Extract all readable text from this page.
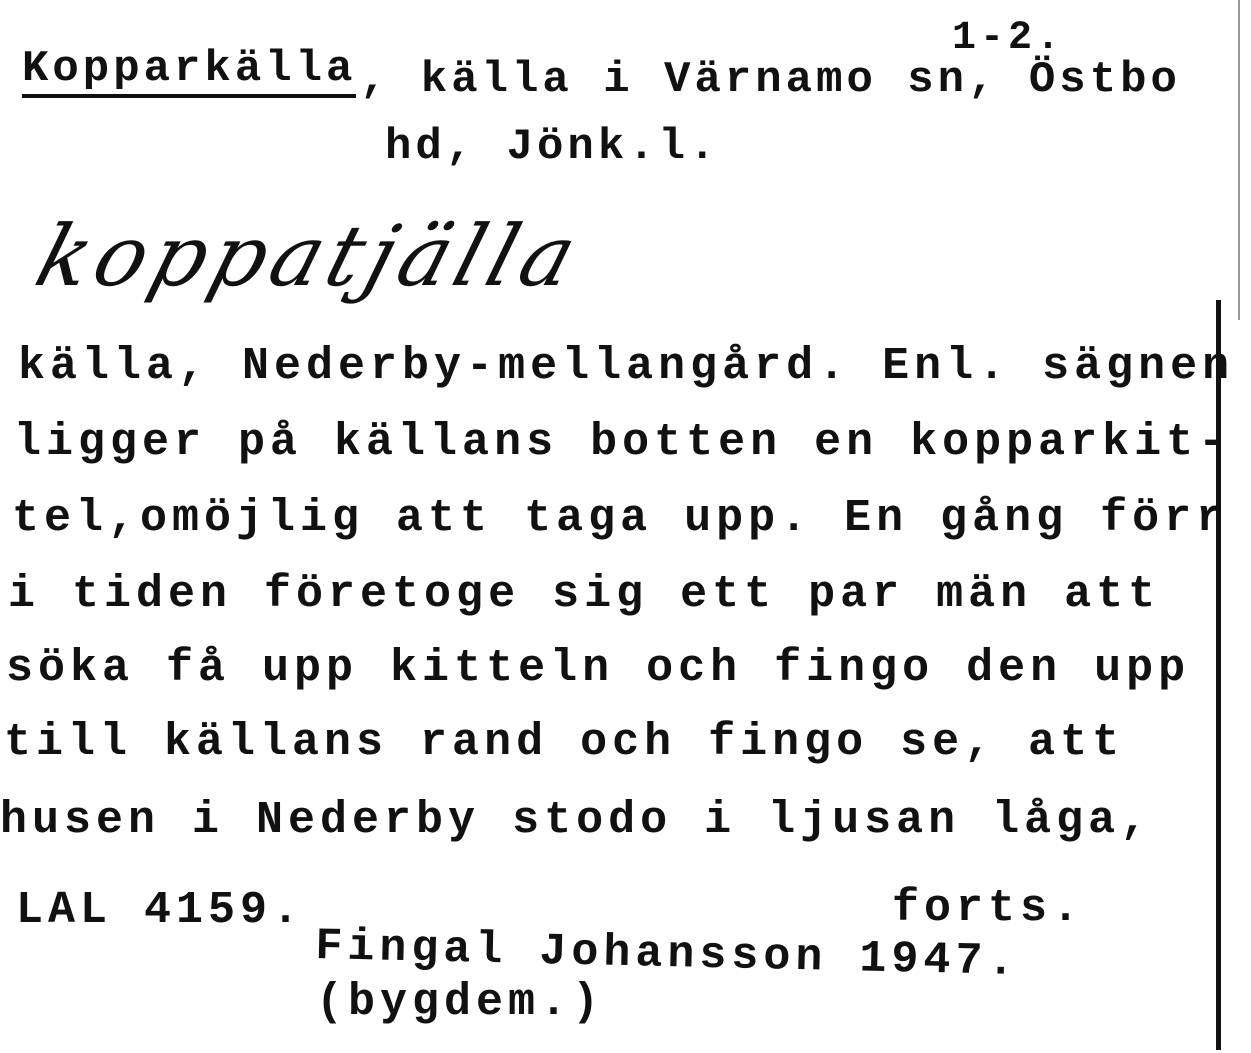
1-2.
Kopparkälla , källa i Värnamo sn, Östbo
hd, Jönk.l.
koppatjälla
källa, Nederby-mellangård. Enl. sägnen
ligger på källans botten en kopparkit-
tel,omöjlig att taga upp. En gång förr
i tiden företoge sig ett par män att
söka få upp kitteln och fingo den upp
till källans rand och fingo se, att
husen i Nederby stodo i ljusan låga,
forts.
LAL 4159.
Fingal Johansson 1947.
(bygdem.)
